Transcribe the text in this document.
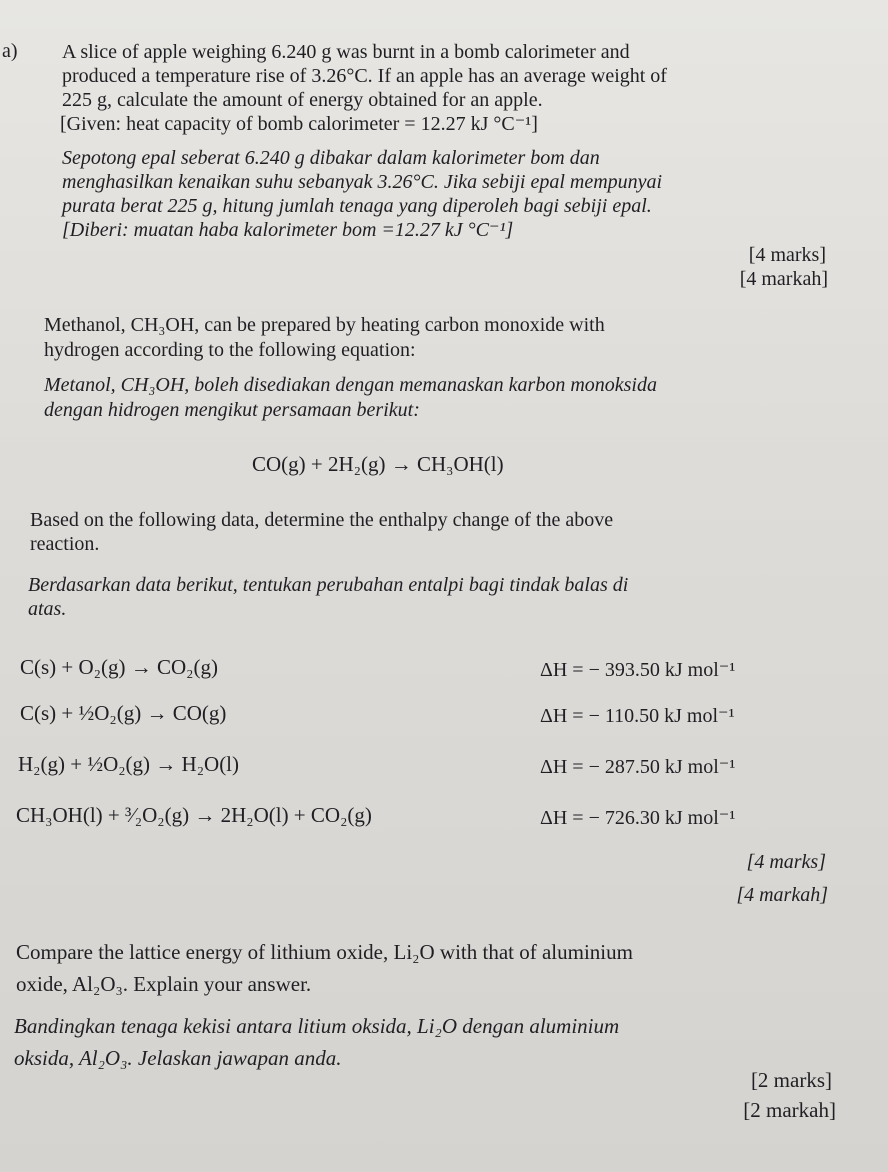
a) A slice of apple weighing 6.240 g was burnt in a bomb calorimeter and

produced a temperature rise of 3.26°C. If an apple has an average weight of

225 g, calculate the amount of energy obtained for an apple.

[Given: heat capacity of bomb calorimeter = 12.27 kJ °C⁻¹]

Sepotong epal seberat 6.240 g dibakar dalam kalorimeter bom dan

menghasilkan kenaikan suhu sebanyak 3.26°C. Jika sebiji epal mempunyai

purata berat 225 g, hitung jumlah tenaga yang diperoleh bagi sebiji epal.

[Diberi: muatan haba kalorimeter bom =12.27 kJ °C⁻¹]

[4 marks]

[4 markah]

Methanol, CH₃OH, can be prepared by heating carbon monoxide with

hydrogen according to the following equation:

Metanol, CH₃OH, boleh disediakan dengan memanaskan karbon monoksida

dengan hidrogen mengikut persamaan berikut:

CO(g) + 2H₂(g) → CH₃OH(l)

Based on the following data, determine the enthalpy change of the above

reaction.

Berdasarkan data berikut, tentukan perubahan entalpi bagi tindak balas di

atas.

C(s) + O₂(g) → CO₂(g)	ΔH = − 393.50 kJ mol⁻¹
C(s) + ½O₂(g) → CO(g)	ΔH = − 110.50 kJ mol⁻¹
H₂(g) + ½O₂(g) → H₂O(l)	ΔH = − 287.50 kJ mol⁻¹
CH₃OH(l) + ³⁄₂O₂(g) → 2H₂O(l) + CO₂(g)	ΔH = − 726.30 kJ mol⁻¹

[4 marks]

[4 markah]

Compare the lattice energy of lithium oxide, Li₂O with that of aluminium

oxide, Al₂O₃. Explain your answer.

Bandingkan tenaga kekisi antara litium oksida, Li₂O dengan aluminium

oksida, Al₂O₃. Jelaskan jawapan anda.

[2 marks]

[2 markah]
